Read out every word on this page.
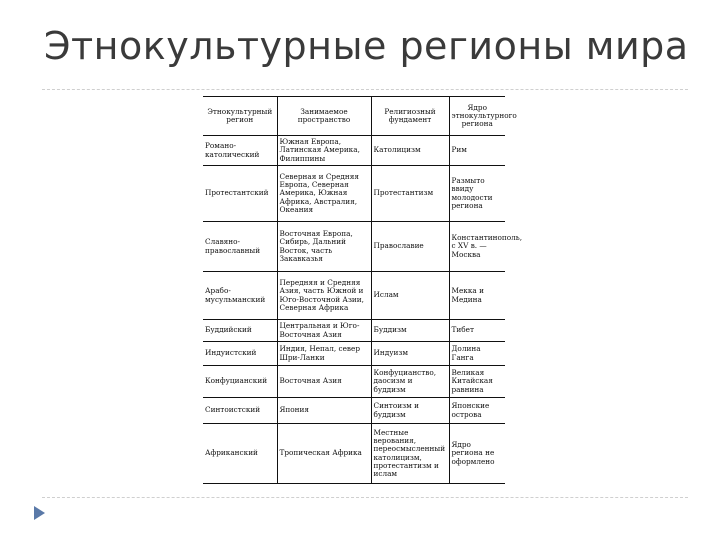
Этнокультурные регионы мира
Этнокультурный регион	Занимаемое пространство	Религиозный фундамент	Ядро этнокультурного региона
Романо-католический	Южная Европа, Латинская Америка, Филиппины	Католицизм	Рим
Протестантский	Северная и Средняя Европа, Северная Америка, Южная Африка, Австралия, Океания	Протестантизм	Размыто ввиду молодости региона
Славяно-православный	Восточная Европа, Сибирь, Дальний Восток, часть Закавказья	Православие	Константинополь, с XV в. — Москва
Арабо-мусульманский	Передняя и Средняя Азия, часть Южной и Юго-Восточной Азии, Северная Африка	Ислам	Мекка и Медина
Буддийский	Центральная и Юго-Восточная Азия	Буддизм	Тибет
Индуистский	Индия, Непал, север Шри-Ланки	Индуизм	Долина Ганга
Конфуцианский	Восточная Азия	Конфуцианство, даосизм и буддизм	Великая Китайская равнина
Синтоистский	Япония	Синтоизм и буддизм	Японские острова
Африканский	Тропическая Африка	Местные верования, переосмысленный католицизм, протестантизм и ислам	Ядро региона не оформлено
